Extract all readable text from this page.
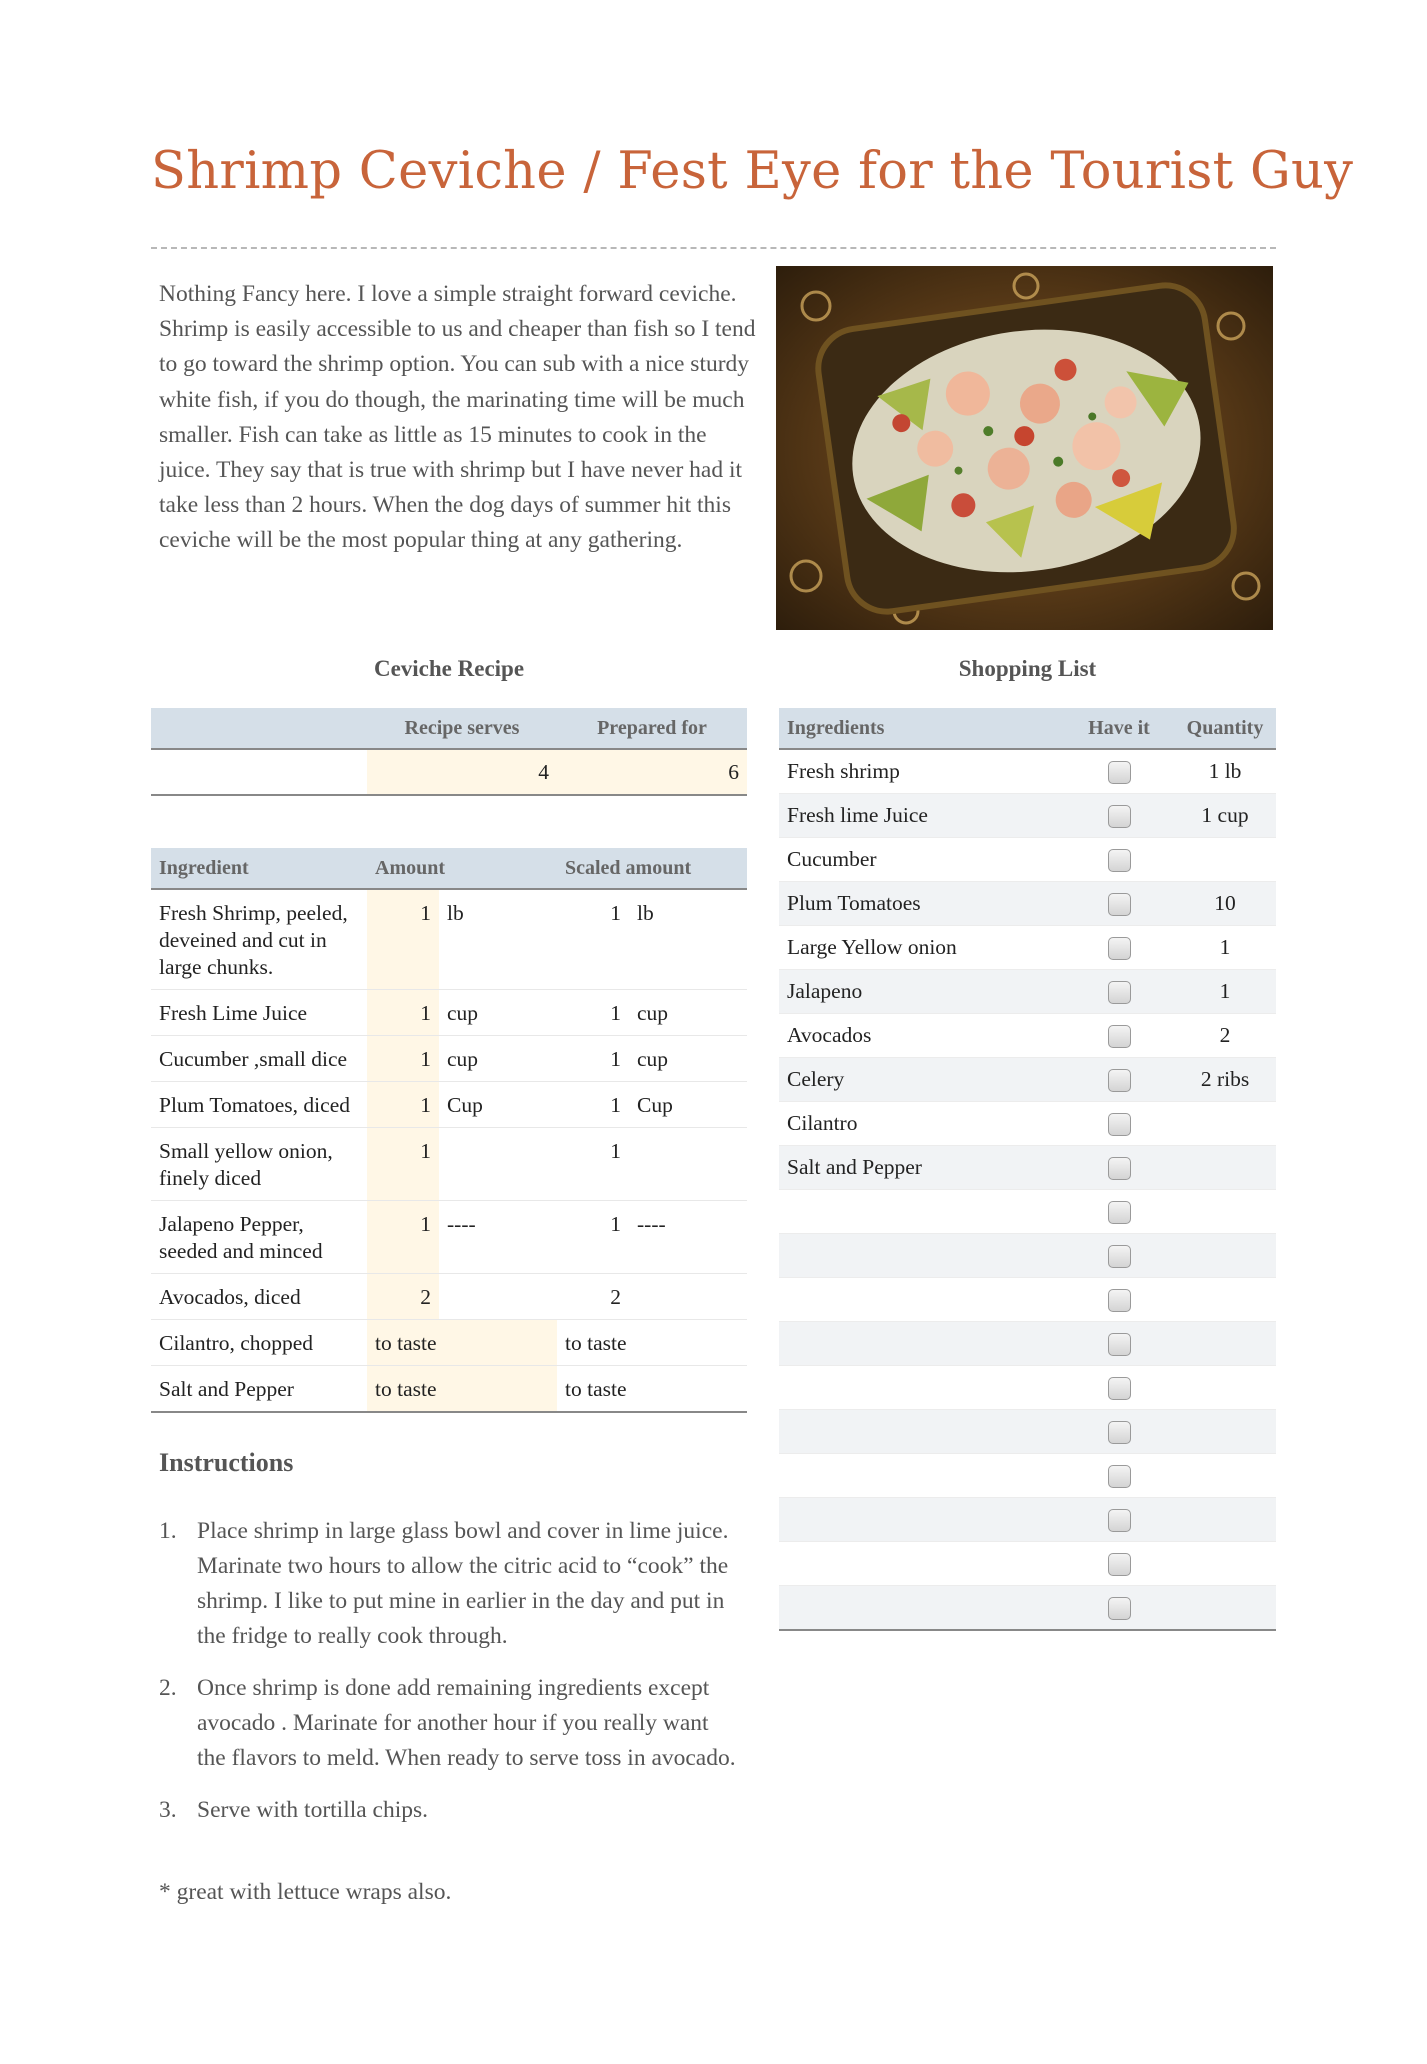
Shrimp Ceviche / Fest Eye for the Tourist Guy

Nothing Fancy here. I love a simple straight forward ceviche. Shrimp is easily accessible to us and cheaper than fish so I tend to go toward the shrimp option. You can sub with a nice sturdy white fish, if you do though, the marinating time will be much smaller. Fish can take as little as 15 minutes to cook in the juice. They say that is true with shrimp but I have never had it take less than 2 hours. When the dog days of summer hit this ceviche will be the most popular thing at any gathering.

Ceviche Recipe
	Recipe serves	Prepared for
	4	6
Ingredient	Amount		Scaled amount	
Fresh Shrimp, peeled, deveined and cut in large chunks.	1	lb	1	lb
Fresh Lime Juice	1	cup	1	cup
Cucumber ,small dice	1	cup	1	cup
Plum Tomatoes, diced	1	Cup	1	Cup
Small yellow onion, finely diced	1		1	
Jalapeno Pepper, seeded and minced	1	----	1	----
Avocados, diced	2		2	
Cilantro, chopped	to taste		to taste	
Salt and Pepper	to taste		to taste	
Instructions
1. Place shrimp in large glass bowl and cover in lime juice. Marinate two hours to allow the citric acid to “cook” the shrimp. I like to put mine in earlier in the day and put in the fridge to really cook through.
2. Once shrimp is done add remaining ingredients except avocado . Marinate for another hour if you really want the flavors to meld. When ready to serve toss in avocado.
3. Serve with tortilla chips.

* great with lettuce wraps also.

Shopping List
Ingredients	Have it	Quantity
Fresh shrimp		1 lb
Fresh lime Juice		1 cup
Cucumber		
Plum Tomatoes		10
Large Yellow onion		1
Jalapeno		1
Avocados		2
Celery		2 ribs
Cilantro		
Salt and Pepper		
